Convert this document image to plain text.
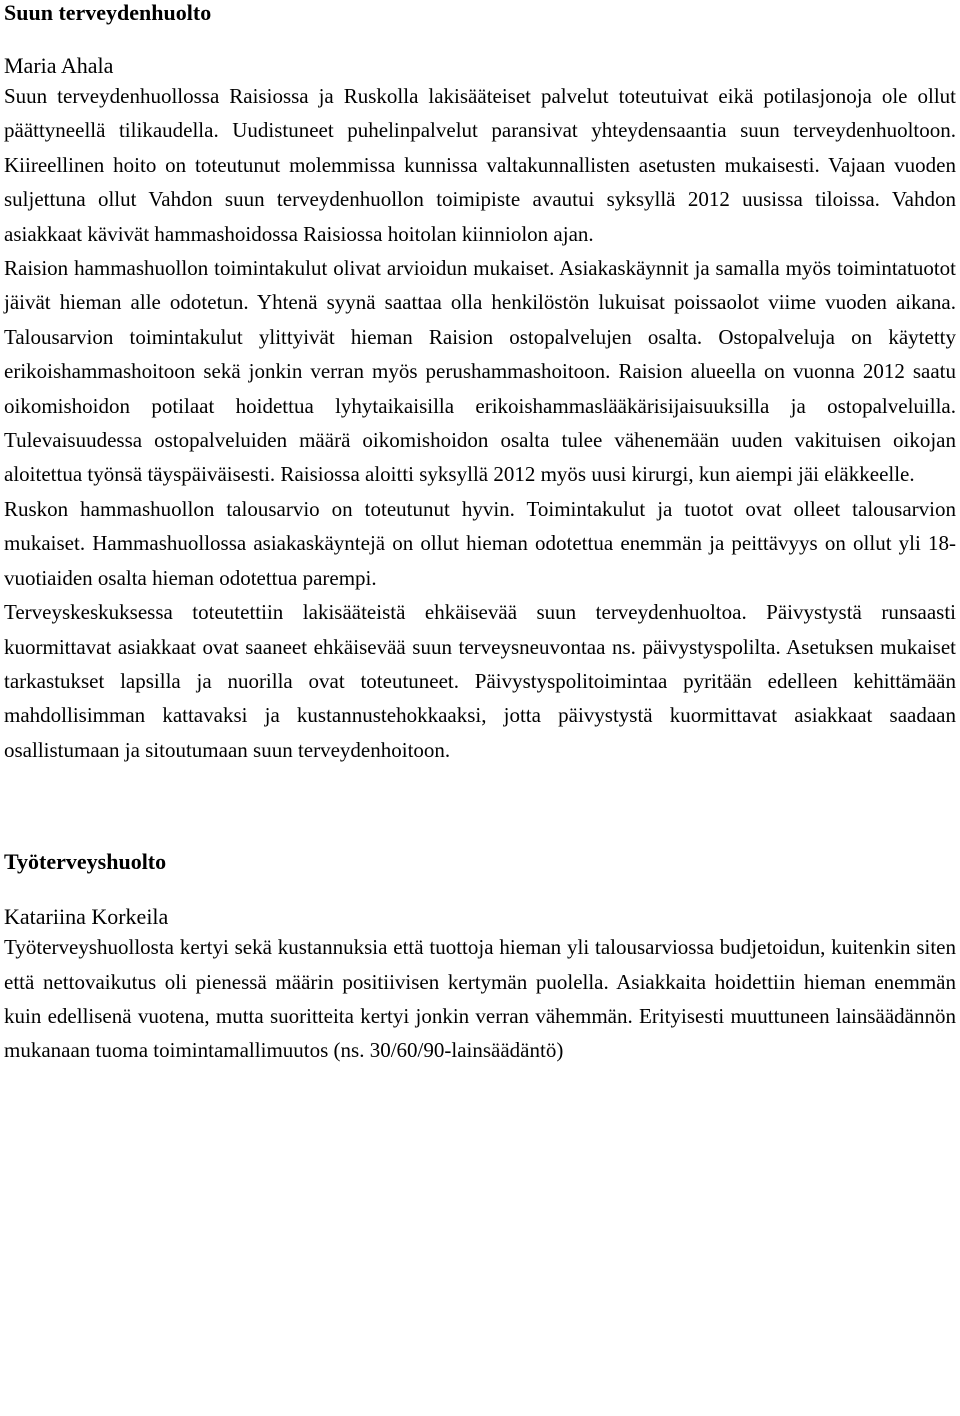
Suun terveydenhuolto
Maria Ahala

Suun terveydenhuollossa Raisiossa ja Ruskolla lakisääteiset palvelut toteutuivat eikä potilasjonoja ole ollut päättyneellä tilikaudella. Uudistuneet puhelinpalvelut paransivat yhteydensaantia suun terveydenhuoltoon. Kiireellinen hoito on toteutunut molemmissa kunnissa valtakunnallisten asetusten mukaisesti. Vajaan vuoden suljettuna ollut Vahdon suun terveydenhuollon toimipiste avautui syksyllä 2012 uusissa tiloissa. Vahdon asiakkaat kävivät hammashoidossa Raisiossa hoitolan kiinniolon ajan.

Raision hammashuollon toimintakulut olivat arvioidun mukaiset. Asiakaskäynnit ja samalla myös toimintatuotot jäivät hieman alle odotetun. Yhtenä syynä saattaa olla henkilöstön lukuisat poissaolot viime vuoden aikana. Talousarvion toimintakulut ylittyivät hieman Raision ostopalvelujen osalta. Ostopalveluja on käytetty erikoishammashoitoon sekä jonkin verran myös perushammashoitoon. Raision alueella on vuonna 2012 saatu oikomishoidon potilaat hoidettua lyhytaikaisilla erikoishammaslääkärisijaisuuksilla ja ostopalveluilla. Tulevaisuudessa ostopalveluiden määrä oikomishoidon osalta tulee vähenemään uuden vakituisen oikojan aloitettua työnsä täyspäiväisesti. Raisiossa aloitti syksyllä 2012 myös uusi kirurgi, kun aiempi jäi eläkkeelle.

Ruskon hammashuollon talousarvio on toteutunut hyvin. Toimintakulut ja tuotot ovat olleet talousarvion mukaiset. Hammashuollossa asiakaskäyntejä on ollut hieman odotettua enemmän ja peittävyys on ollut yli 18-vuotiaiden osalta hieman odotettua parempi.

Terveyskeskuksessa toteutettiin lakisääteistä ehkäisevää suun terveydenhuoltoa. Päivystystä runsaasti kuormittavat asiakkaat ovat saaneet ehkäisevää suun terveysneuvontaa ns. päivystyspolilta. Asetuksen mukaiset tarkastukset lapsilla ja nuorilla ovat toteutuneet. Päivystyspolitoimintaa pyritään edelleen kehittämään mahdollisimman kattavaksi ja kustannustehokkaaksi, jotta päivystystä kuormittavat asiakkaat saadaan osallistumaan ja sitoutumaan suun terveydenhoitoon.

Työterveyshuolto
Katariina Korkeila

Työterveyshuollosta kertyi sekä kustannuksia että tuottoja hieman yli talousarviossa budjetoidun, kuitenkin siten että nettovaikutus oli pienessä määrin positiivisen kertymän puolella. Asiakkaita hoidettiin hieman enemmän kuin edellisenä vuotena, mutta suoritteita kertyi jonkin verran vähemmän. Erityisesti muuttuneen lainsäädännön mukanaan tuoma toimintamallimuutos (ns. 30/60/90-lainsäädäntö)
